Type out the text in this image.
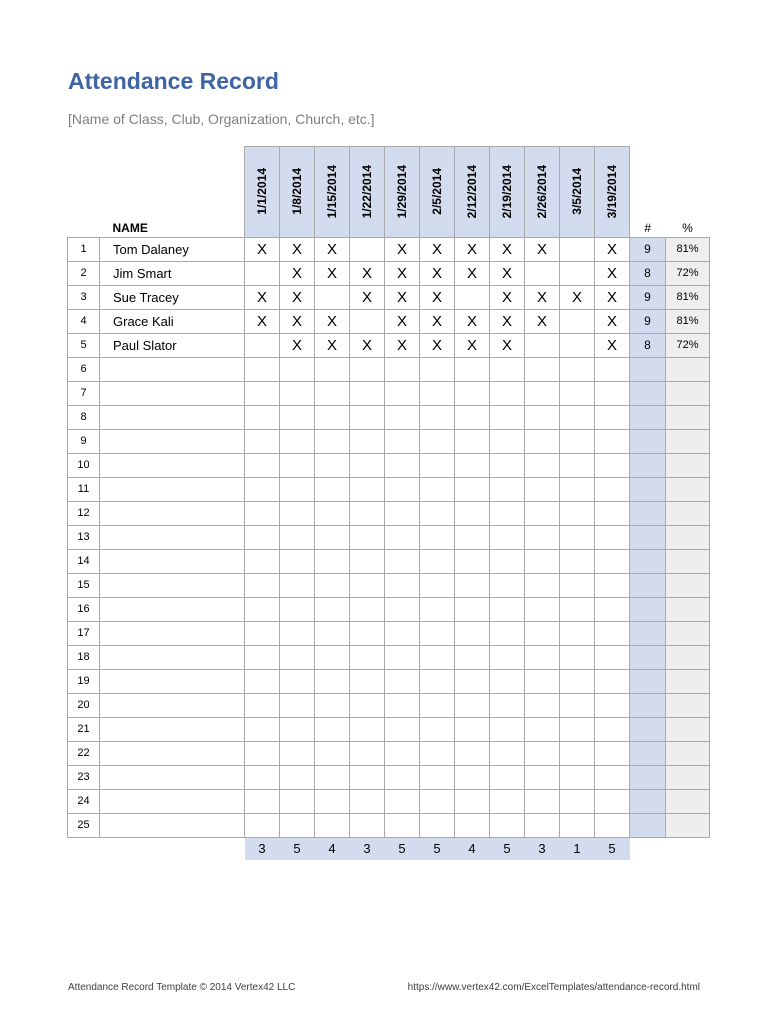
Attendance Record
[Name of Class, Club, Organization, Church, etc.]
	NAME	1/1/2014	1/8/2014	1/15/2014	1/22/2014	1/29/2014	2/5/2014	2/12/2014	2/19/2014	2/26/2014	3/5/2014	3/19/2014	#	%
1	Tom Dalaney	X	X	X		X	X	X	X	X		X	9	81%
2	Jim Smart		X	X	X	X	X	X	X			X	8	72%
3	Sue Tracey	X	X		X	X	X		X	X	X	X	9	81%
4	Grace Kali	X	X	X		X	X	X	X	X		X	9	81%
5	Paul Slator		X	X	X	X	X	X	X			X	8	72%
6														
7														
8														
9														
10														
11														
12														
13														
14														
15														
16														
17														
18														
19														
20														
21														
22														
23														
24														
25														
		3	5	4	3	5	5	4	5	3	1	5		
Attendance Record Template © 2014 Vertex42 LLC	https://www.vertex42.com/ExcelTemplates/attendance-record.html
